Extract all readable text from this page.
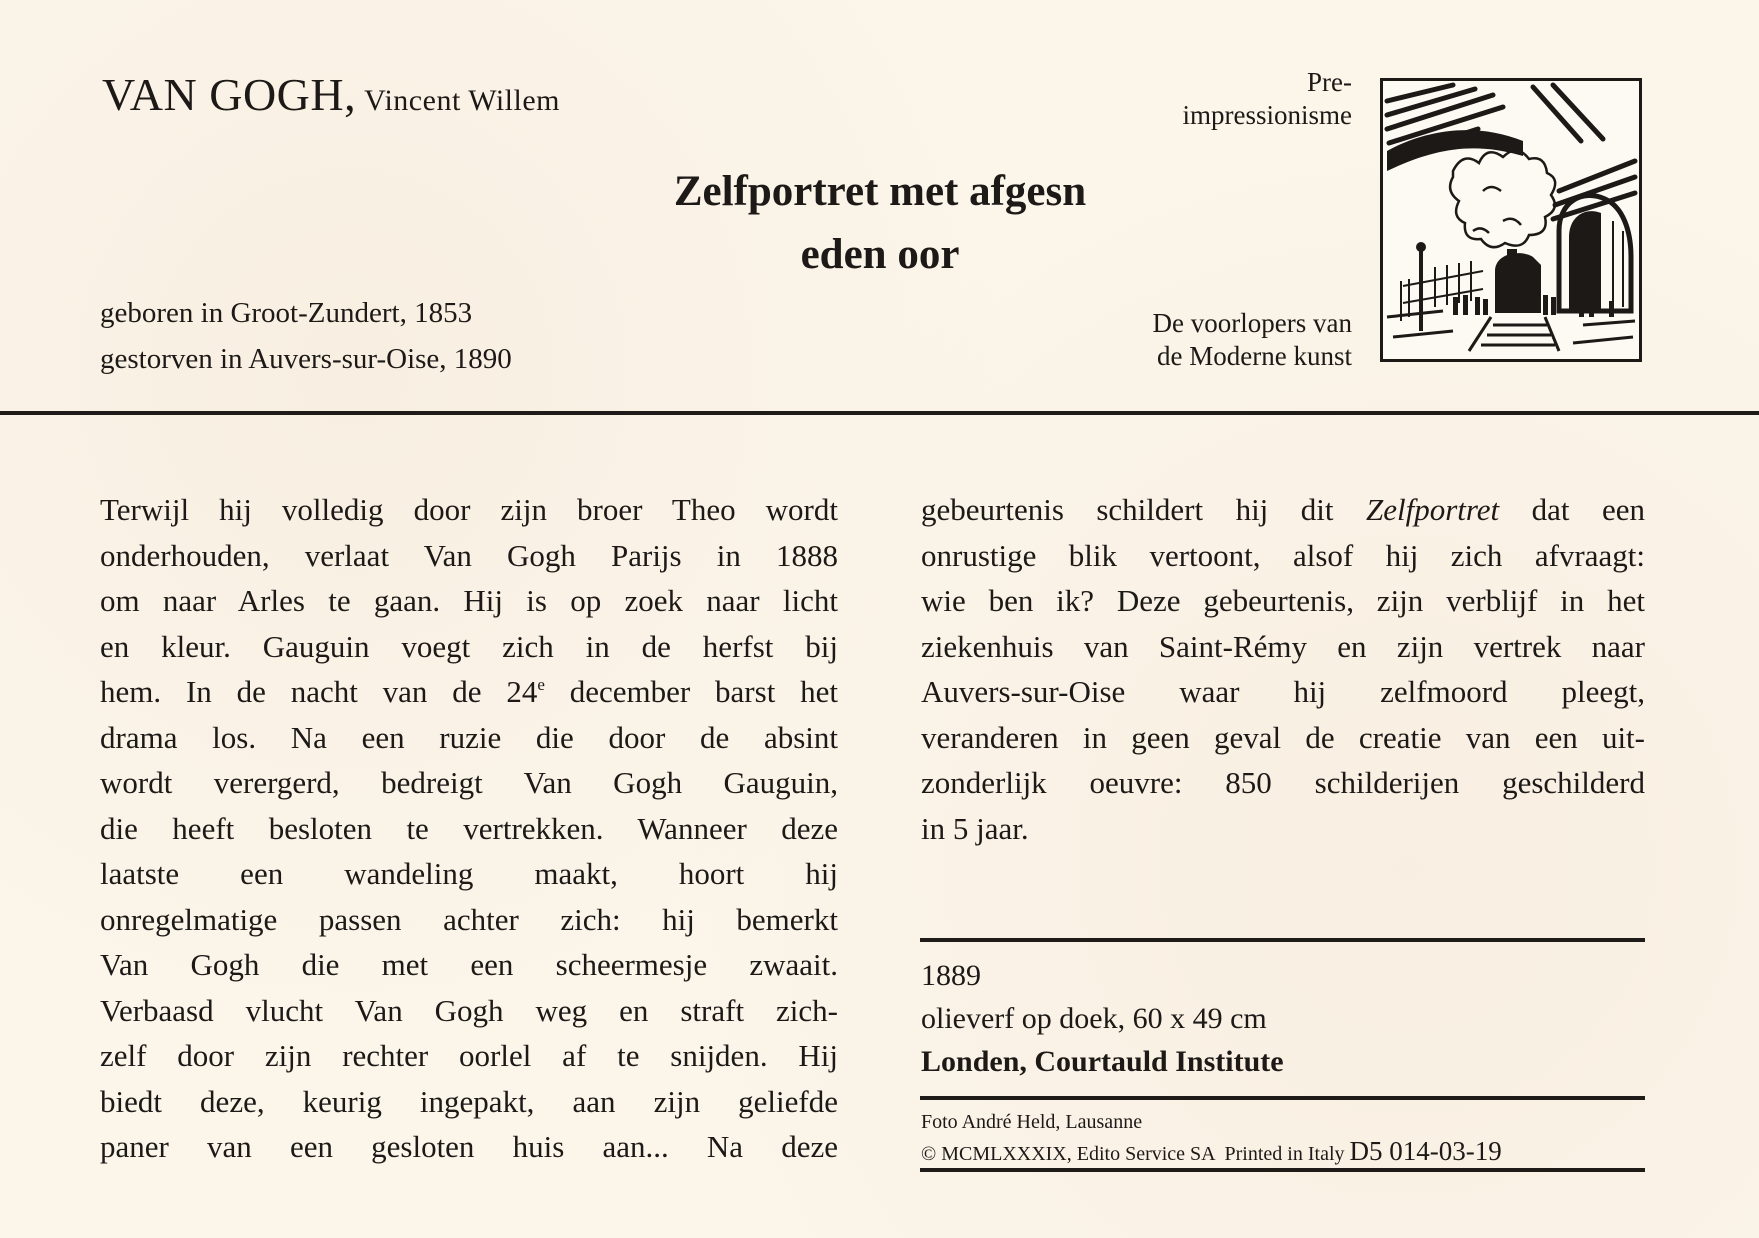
VAN GOGH, Vincent Willem
Pre-
impressionisme
Zelfportret met afgesn
eden oor
geboren in Groot-Zundert, 1853
gestorven in Auvers-sur-Oise, 1890
De voorlopers van
de Moderne kunst
Terwijl hij volledig door zijn broer Theo wordt
onderhouden, verlaat Van Gogh Parijs in 1888
om naar Arles te gaan. Hij is op zoek naar licht
en kleur. Gauguin voegt zich in de herfst bij
hem. In de nacht van de 24e december barst het
drama los. Na een ruzie die door de absint
wordt verergerd, bedreigt Van Gogh Gauguin,
die heeft besloten te vertrekken. Wanneer deze
laatste een wandeling maakt, hoort hij
onregelmatige passen achter zich: hij bemerkt
Van Gogh die met een scheermesje zwaait.
Verbaasd vlucht Van Gogh weg en straft zich-
zelf door zijn rechter oorlel af te snijden. Hij
biedt deze, keurig ingepakt, aan zijn geliefde
paner van een gesloten huis aan... Na deze
gebeurtenis schildert hij dit Zelfportret dat een
onrustige blik vertoont, alsof hij zich afvraagt:
wie ben ik? Deze gebeurtenis, zijn verblijf in het
ziekenhuis van Saint-Rémy en zijn vertrek naar
Auvers-sur-Oise waar hij zelfmoord pleegt,
veranderen in geen geval de creatie van een uit-
zonderlijk oeuvre: 850 schilderijen geschilderd
in 5 jaar.
1889
olieverf op doek, 60 x 49 cm
Londen, Courtauld Institute
Foto André Held, Lausanne
© MCMLXXXIX, Edito Service SA  Printed in Italy D5 014-03-19
